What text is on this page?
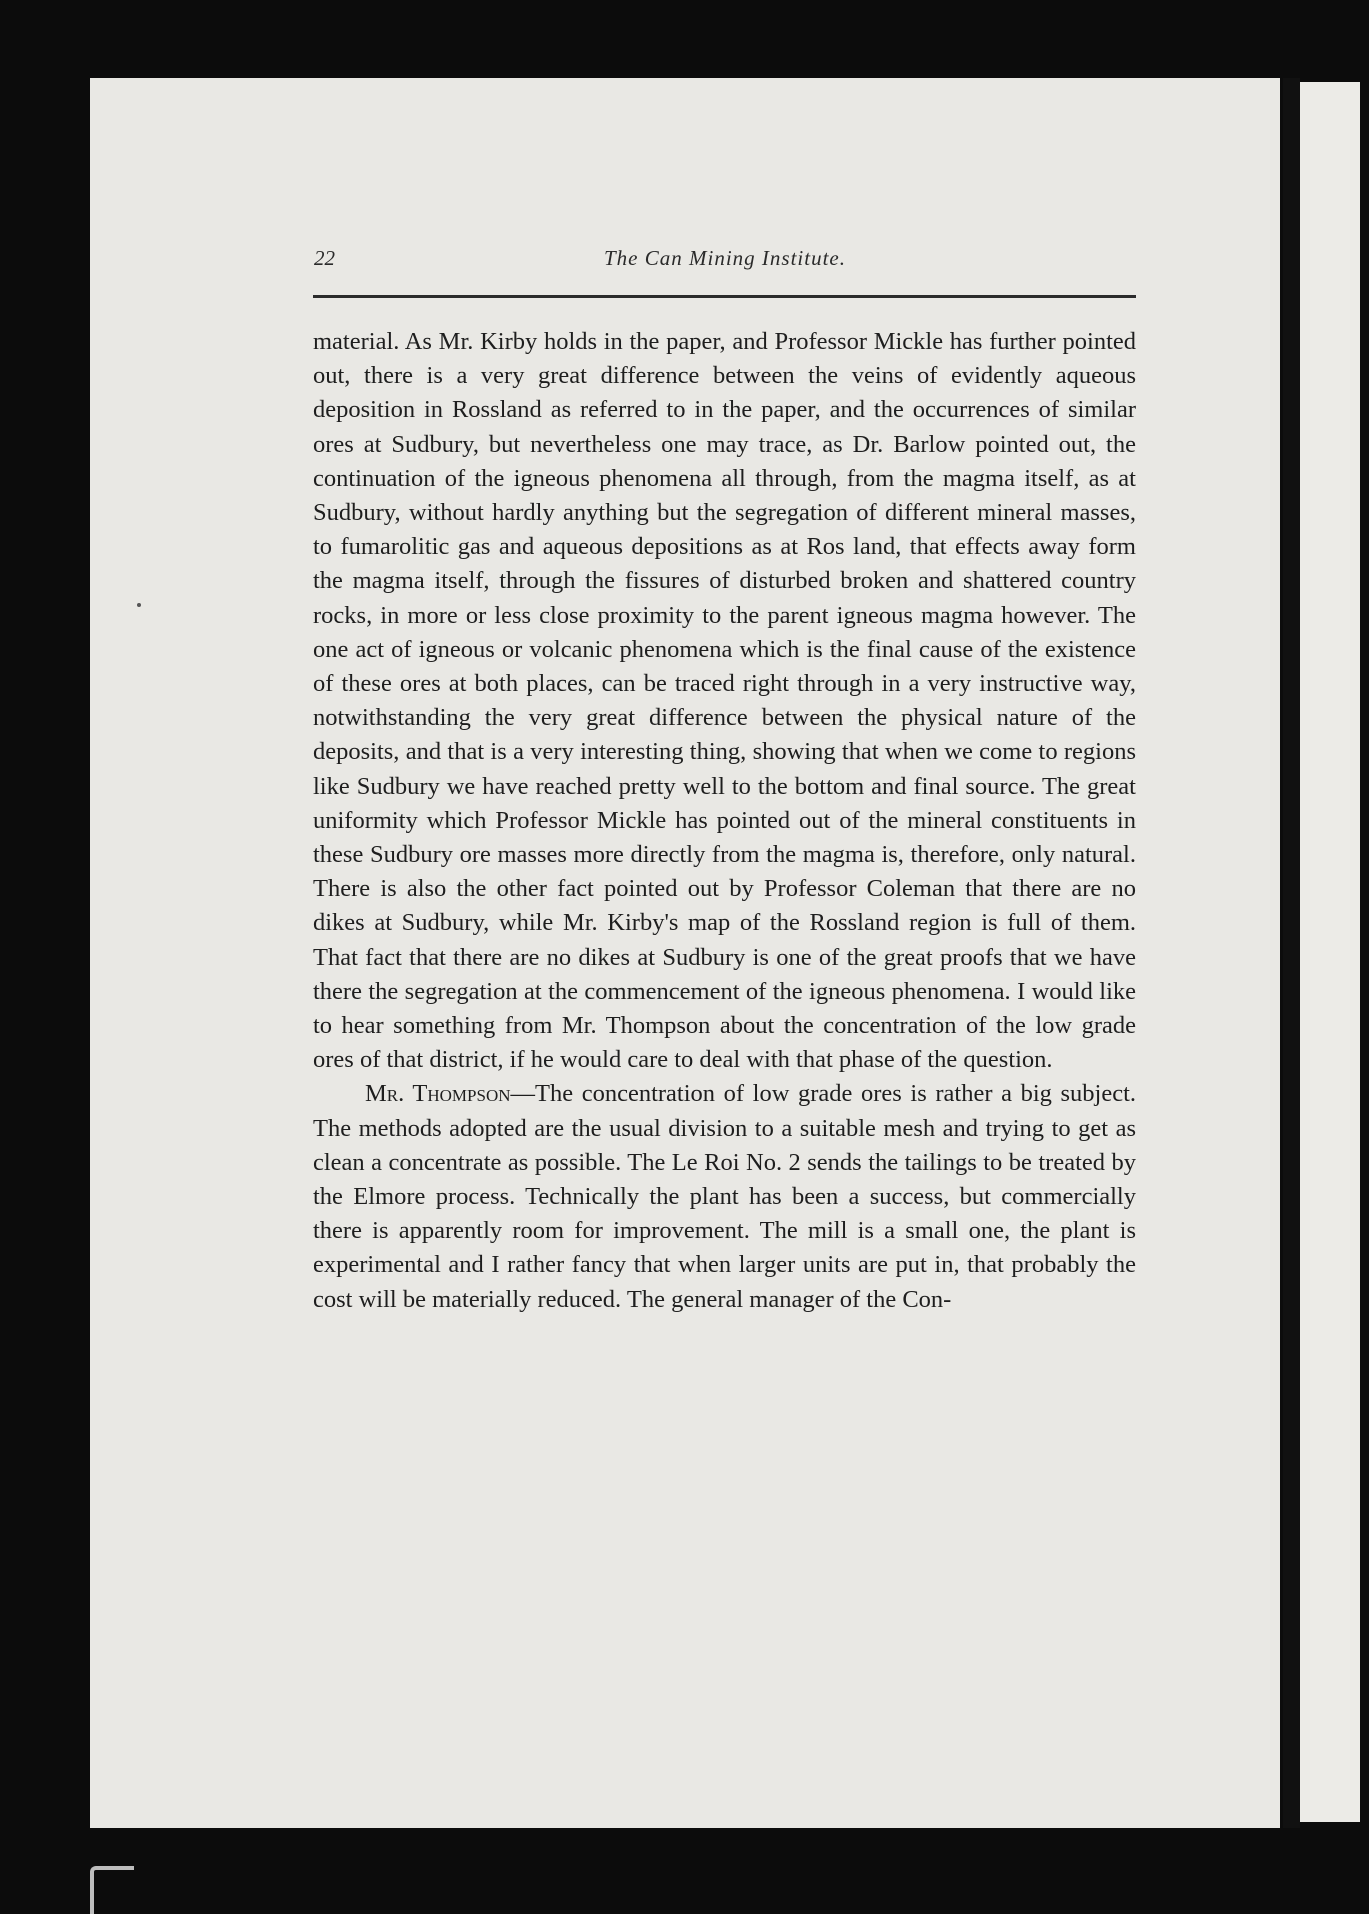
22	The Can Mining Institute.

material. As Mr. Kirby holds in the paper, and Professor Mickle has further pointed out, there is a very great difference between the veins of evidently aqueous deposition in Rossland as referred to in the paper, and the occurrences of similar ores at Sudbury, but nevertheless one may trace, as Dr. Barlow pointed out, the continuation of the igneous phenomena all through, from the magma itself, as at Sudbury, without hardly anything but the segregation of different mineral masses, to fumarolitic gas and aqueous depositions as at Ros land, that effects away form the magma itself, through the fissures of disturbed broken and shattered country rocks, in more or less close proximity to the parent igneous magma however. The one act of igneous or volcanic phenomena which is the final cause of the existence of these ores at both places, can be traced right through in a very instructive way, notwithstanding the very great difference between the physical nature of the deposits, and that is a very interesting thing, showing that when we come to regions like Sudbury we have reached pretty well to the bottom and final source. The great uniformity which Professor Mickle has pointed out of the mineral constituents in these Sudbury ore masses more directly from the magma is, therefore, only natural. There is also the other fact pointed out by Professor Coleman that there are no dikes at Sudbury, while Mr. Kirby's map of the Rossland region is full of them. That fact that there are no dikes at Sudbury is one of the great proofs that we have there the segregation at the commencement of the igneous phenomena. I would like to hear something from Mr. Thompson about the concentration of the low grade ores of that district, if he would care to deal with that phase of the question.

Mr. Thompson—The concentration of low grade ores is rather a big subject. The methods adopted are the usual division to a suitable mesh and trying to get as clean a concentrate as possible. The Le Roi No. 2 sends the tailings to be treated by the Elmore process. Technically the plant has been a success, but commercially there is apparently room for improvement. The mill is a small one, the plant is experimental and I rather fancy that when larger units are put in, that probably the cost will be materially reduced. The general manager of the Con-
